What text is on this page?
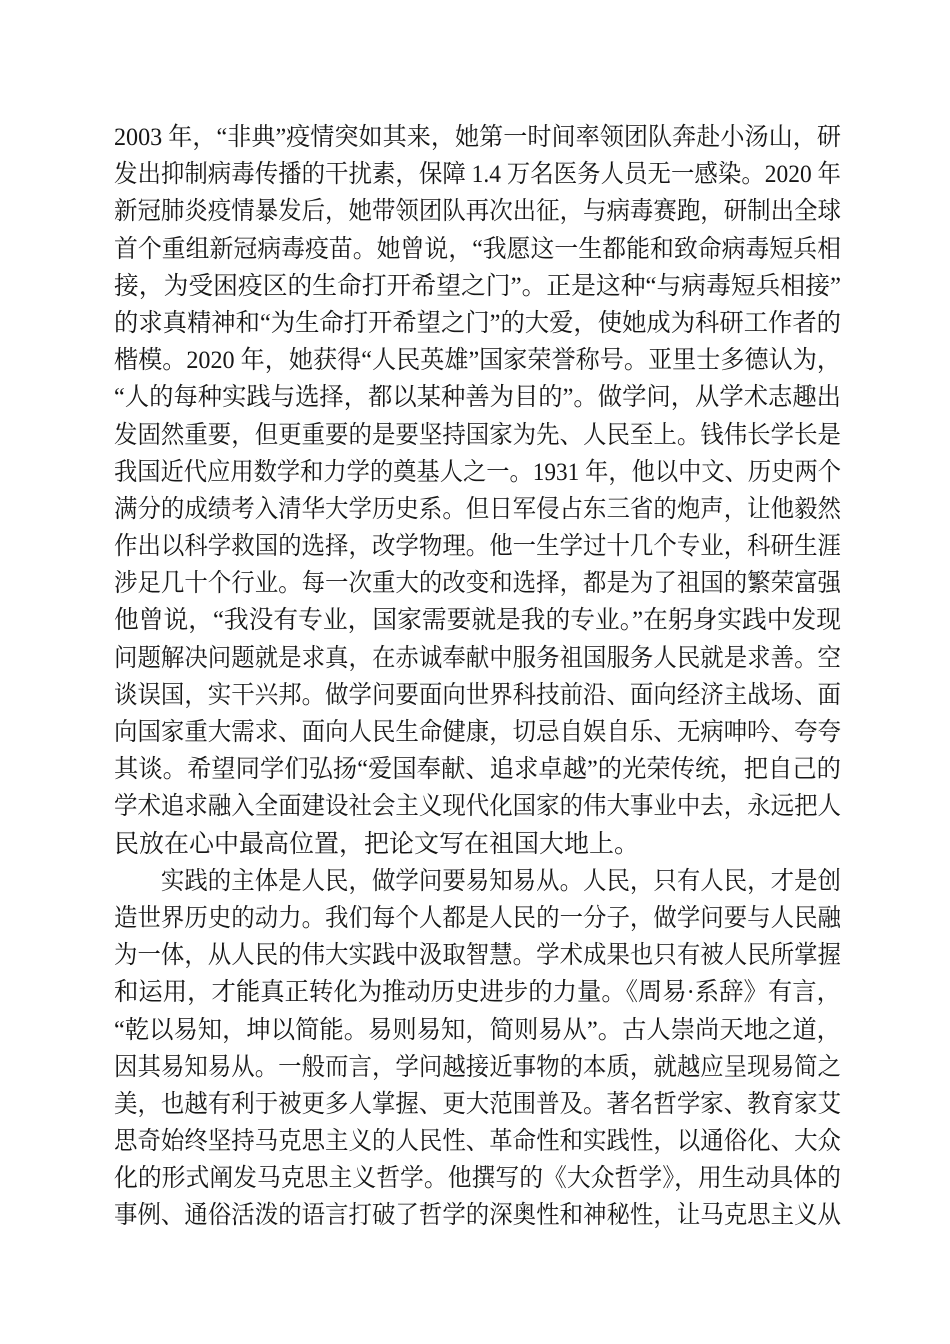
2003 年，“非典”疫情突如其来，她第一时间率领团队奔赴小汤山，研
发出抑制病毒传播的干扰素，保障 1.4 万名医务人员无一感染。2020 年
新冠肺炎疫情暴发后，她带领团队再次出征，与病毒赛跑，研制出全球
首个重组新冠病毒疫苗。她曾说，“我愿这一生都能和致命病毒短兵相
接，为受困疫区的生命打开希望之门”。正是这种“与病毒短兵相接”
的求真精神和“为生命打开希望之门”的大爱，使她成为科研工作者的
楷模。2020 年，她获得“人民英雄”国家荣誉称号。亚里士多德认为，
“人的每种实践与选择，都以某种善为目的”。做学问，从学术志趣出
发固然重要，但更重要的是要坚持国家为先、人民至上。钱伟长学长是
我国近代应用数学和力学的奠基人之一。1931 年，他以中文、历史两个
满分的成绩考入清华大学历史系。但日军侵占东三省的炮声，让他毅然
作出以科学救国的选择，改学物理。他一生学过十几个专业，科研生涯
涉足几十个行业。每一次重大的改变和选择，都是为了祖国的繁荣富强
他曾说，“我没有专业，国家需要就是我的专业。”在躬身实践中发现
问题解决问题就是求真，在赤诚奉献中服务祖国服务人民就是求善。空
谈误国，实干兴邦。做学问要面向世界科技前沿、面向经济主战场、面
向国家重大需求、面向人民生命健康，切忌自娱自乐、无病呻吟、夸夸
其谈。希望同学们弘扬“爱国奉献、追求卓越”的光荣传统，把自己的
学术追求融入全面建设社会主义现代化国家的伟大事业中去，永远把人
民放在心中最高位置，把论文写在祖国大地上。
实践的主体是人民，做学问要易知易从。人民，只有人民，才是创
造世界历史的动力。我们每个人都是人民的一分子，做学问要与人民融
为一体，从人民的伟大实践中汲取智慧。学术成果也只有被人民所掌握
和运用，才能真正转化为推动历史进步的力量。《周易·系辞》有言，
“乾以易知，坤以简能。易则易知，简则易从”。古人崇尚天地之道，
因其易知易从。一般而言，学问越接近事物的本质，就越应呈现易简之
美，也越有利于被更多人掌握、更大范围普及。著名哲学家、教育家艾
思奇始终坚持马克思主义的人民性、革命性和实践性，以通俗化、大众
化的形式阐发马克思主义哲学。他撰写的《大众哲学》，用生动具体的
事例、通俗活泼的语言打破了哲学的深奥性和神秘性，让马克思主义从
